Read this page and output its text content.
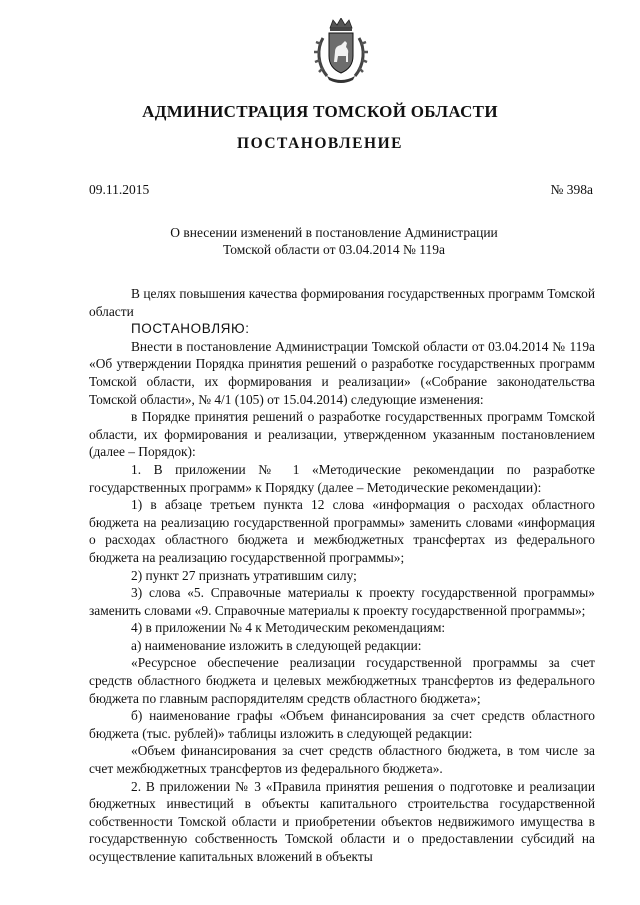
АДМИНИСТРАЦИЯ ТОМСКОЙ ОБЛАСТИ
ПОСТАНОВЛЕНИЕ
09.11.2015	№ 398а
О внесении изменений в постановление Администрации
Томской области от 03.04.2014 № 119а

В целях повышения качества формирования государственных программ Томской области

ПОСТАНОВЛЯЮ:

Внести в постановление Администрации Томской области от 03.04.2014 № 119а «Об утверждении Порядка принятия решений о разработке государственных программ Томской области, их формирования и реализации» («Собрание законодательства Томской области», № 4/1 (105) от 15.04.2014) следующие изменения:

в Порядке принятия решений о разработке государственных программ Томской области, их формирования и реализации, утвержденном указанным постановлением (далее – Порядок):

1. В приложении № 1 «Методические рекомендации по разработке государственных программ» к Порядку (далее – Методические рекомендации):

1) в абзаце третьем пункта 12 слова «информация о расходах областного бюджета на реализацию государственной программы» заменить словами «информация о расходах областного бюджета и межбюджетных трансфертах из федерального бюджета на реализацию государственной программы»;

2) пункт 27 признать утратившим силу;

3) слова «5. Справочные материалы к проекту государственной программы» заменить словами «9. Справочные материалы к проекту государственной программы»;

4) в приложении № 4 к Методическим рекомендациям:

а) наименование изложить в следующей редакции:

«Ресурсное обеспечение реализации государственной программы за счет средств областного бюджета и целевых межбюджетных трансфертов из федерального бюджета по главным распорядителям средств областного бюджета»;

б) наименование графы «Объем финансирования за счет средств областного бюджета (тыс. рублей)» таблицы изложить в следующей редакции:

«Объем финансирования за счет средств областного бюджета, в том числе за счет межбюджетных трансфертов из федерального бюджета».

2. В приложении № 3 «Правила принятия решения о подготовке и реализации бюджетных инвестиций в объекты капитального строительства государственной собственности Томской области и приобретении объектов недвижимого имущества в государственную собственность Томской области и о предоставлении субсидий на осуществление капитальных вложений в объекты
